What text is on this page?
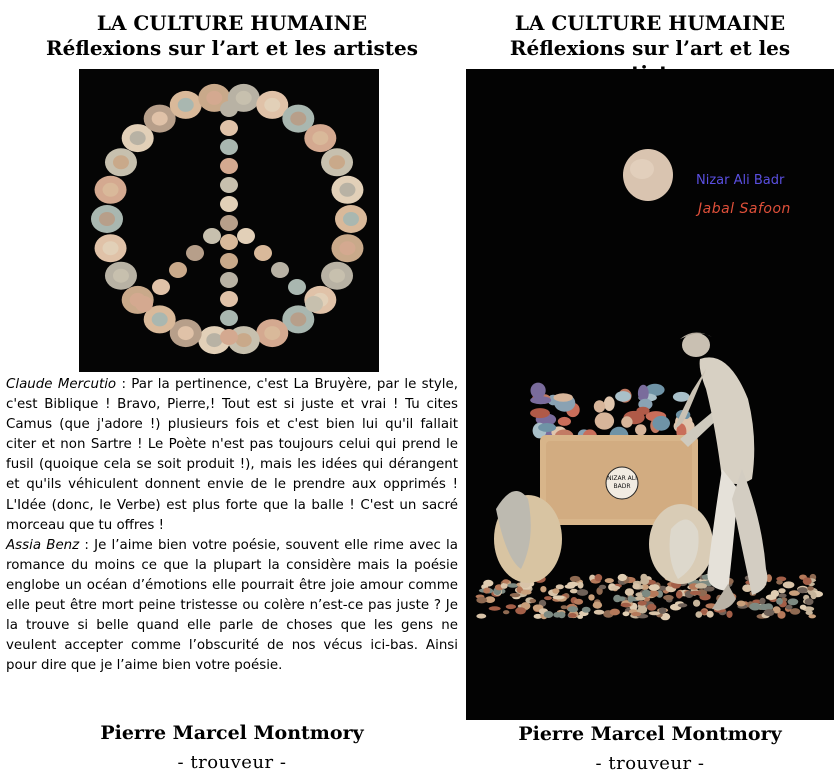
LA CULTURE HUMAINE
Réflexions sur l’art et les artistes

Claude Mercutio : Par la pertinence, c'est La Bruyère, par le style, c'est Biblique ! Bravo, Pierre,! Tout est si juste et vrai ! Tu cites Camus (que j'adore !) plusieurs fois et c'est bien lui qu'il fallait citer et non Sartre ! Le Poète n'est pas toujours celui qui prend le fusil (quoique cela se soit produit !), mais les idées qui dérangent et qu'ils véhiculent donnent envie de le prendre aux opprimés ! L'Idée (donc, le Verbe) est plus forte que la balle ! C'est un sacré morceau que tu offres !

Assia Benz : Je l’aime bien votre poésie, souvent elle rime avec la romance du moins ce que la plupart la considère mais la poésie englobe un océan d’émotions elle pourrait être joie amour comme elle peut être mort peine tristesse ou colère n’est-ce pas juste ? Je la trouve si belle quand elle parle de choses que les gens ne veulent accepter comme l’obscurité de nos vécus ici-bas. Ainsi pour dire que je l’aime bien votre poésie.

Pierre Marcel Montmory
- trouveur -
LA CULTURE HUMAINE
Réflexions sur l’art et les
NIZAR ALI
BADR
Nizar Ali Badr
Jabal Safoon
Pierre Marcel Montmory
- trouveur -
